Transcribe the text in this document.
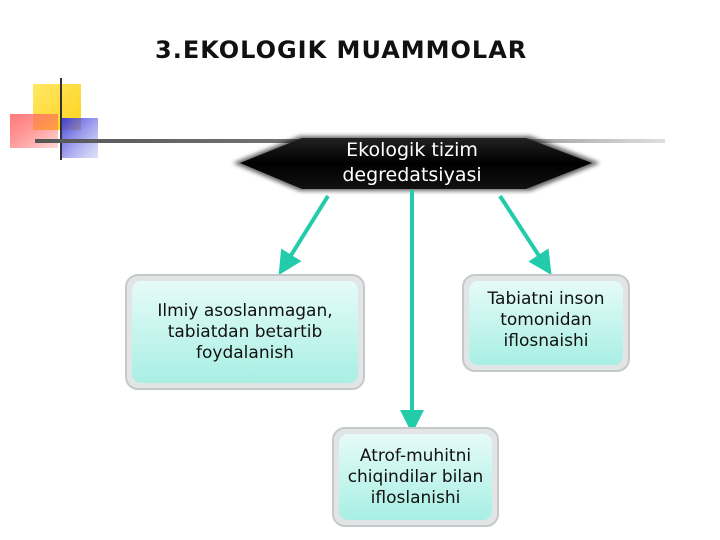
3.EKOLOGIK MUAMMOLAR
Ekologik tizim
degredatsiyasi
Ilmiy asoslanmagan,
tabiatdan betartib
foydalanish
Tabiatni inson
tomonidan
iflosnaishi
Atrof-muhitni
chiqindilar bilan
ifloslanishi
